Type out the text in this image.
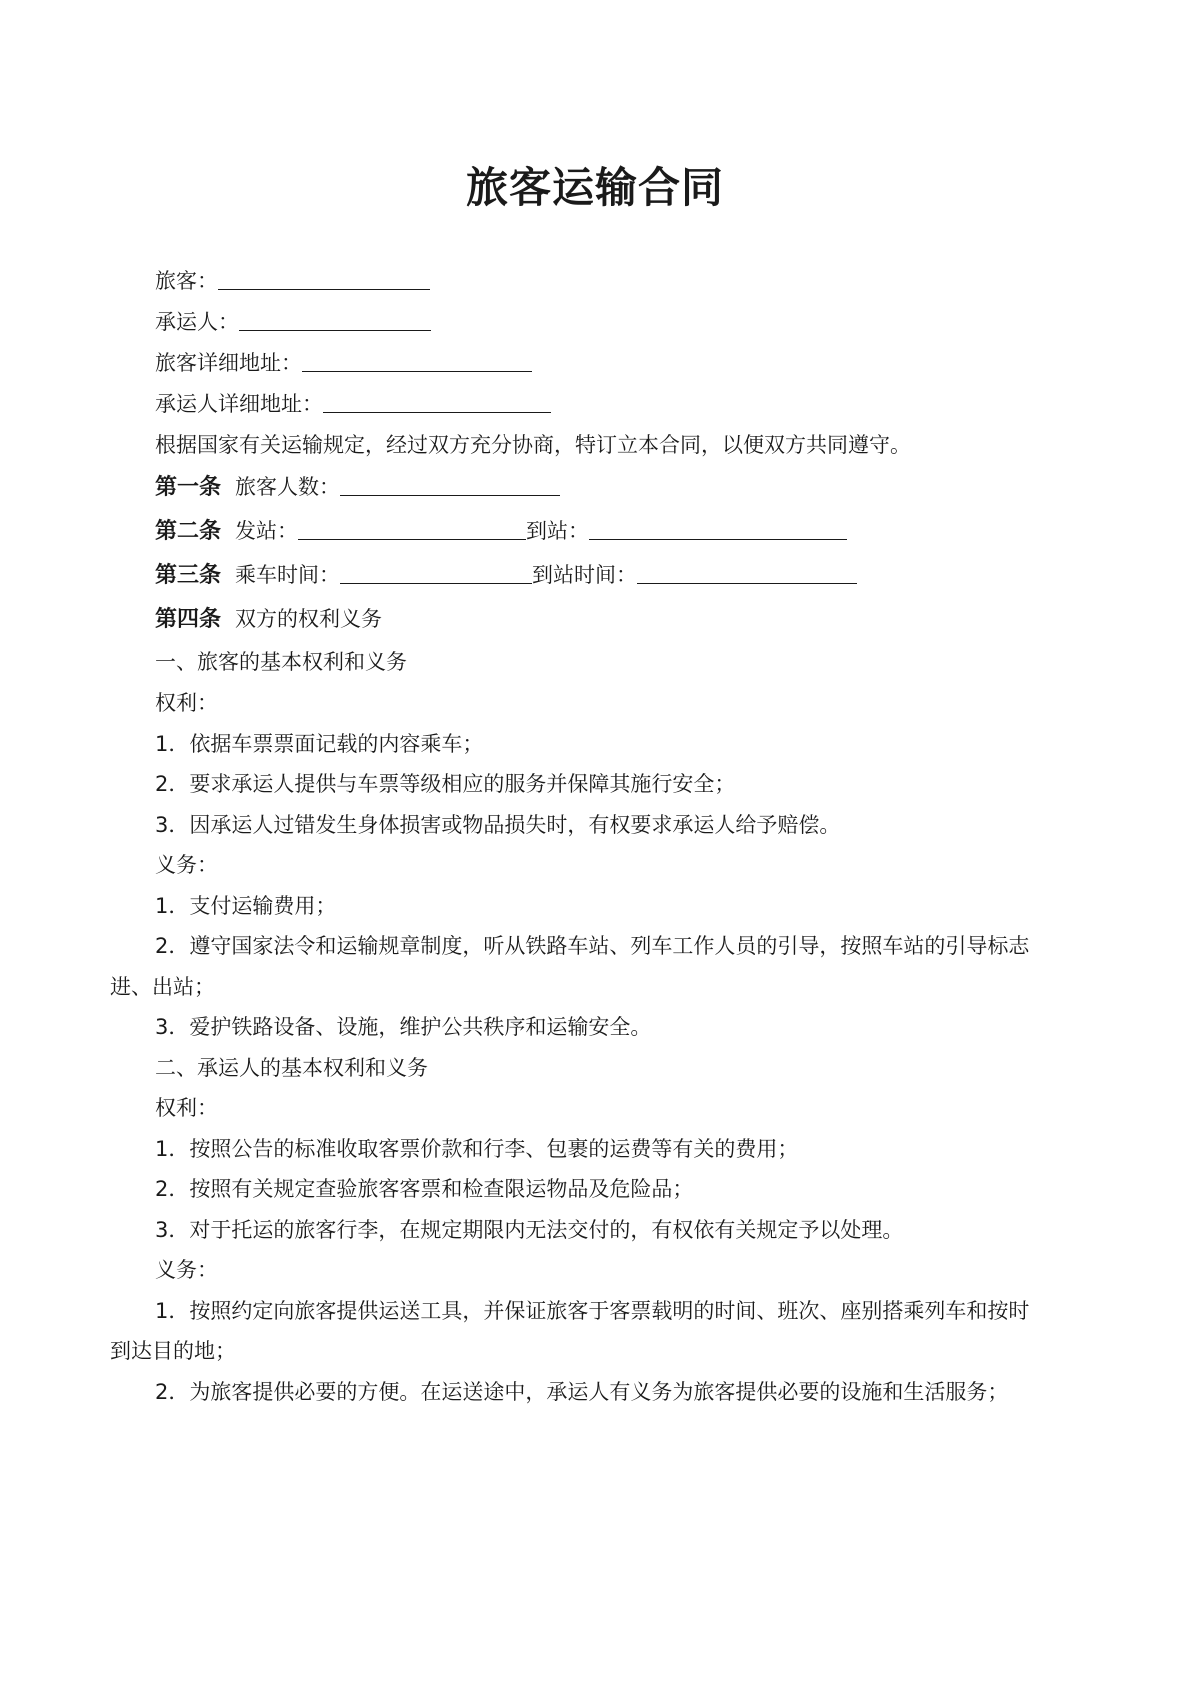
旅客运输合同
旅客：
承运人：
旅客详细地址：
承运人详细地址：
根据国家有关运输规定，经过双方充分协商，特订立本合同，以便双方共同遵守。
第一条 旅客人数：
第二条 发站：	到站：
第三条 乘车时间：	到站时间：
第四条 双方的权利义务
一、旅客的基本权利和义务
权利：
1．依据车票票面记载的内容乘车；
2．要求承运人提供与车票等级相应的服务并保障其施行安全；
3．因承运人过错发生身体损害或物品损失时，有权要求承运人给予赔偿。
义务：
1．支付运输费用；
2．遵守国家法令和运输规章制度，听从铁路车站、列车工作人员的引导，按照车站的引导标志
进、出站；
3．爱护铁路设备、设施，维护公共秩序和运输安全。
二、承运人的基本权利和义务
权利：
1．按照公告的标准收取客票价款和行李、包裹的运费等有关的费用；
2．按照有关规定查验旅客客票和检查限运物品及危险品；
3．对于托运的旅客行李，在规定期限内无法交付的，有权依有关规定予以处理。
义务：
1．按照约定向旅客提供运送工具，并保证旅客于客票载明的时间、班次、座别搭乘列车和按时
到达目的地；
2．为旅客提供必要的方便。在运送途中，承运人有义务为旅客提供必要的设施和生活服务；
